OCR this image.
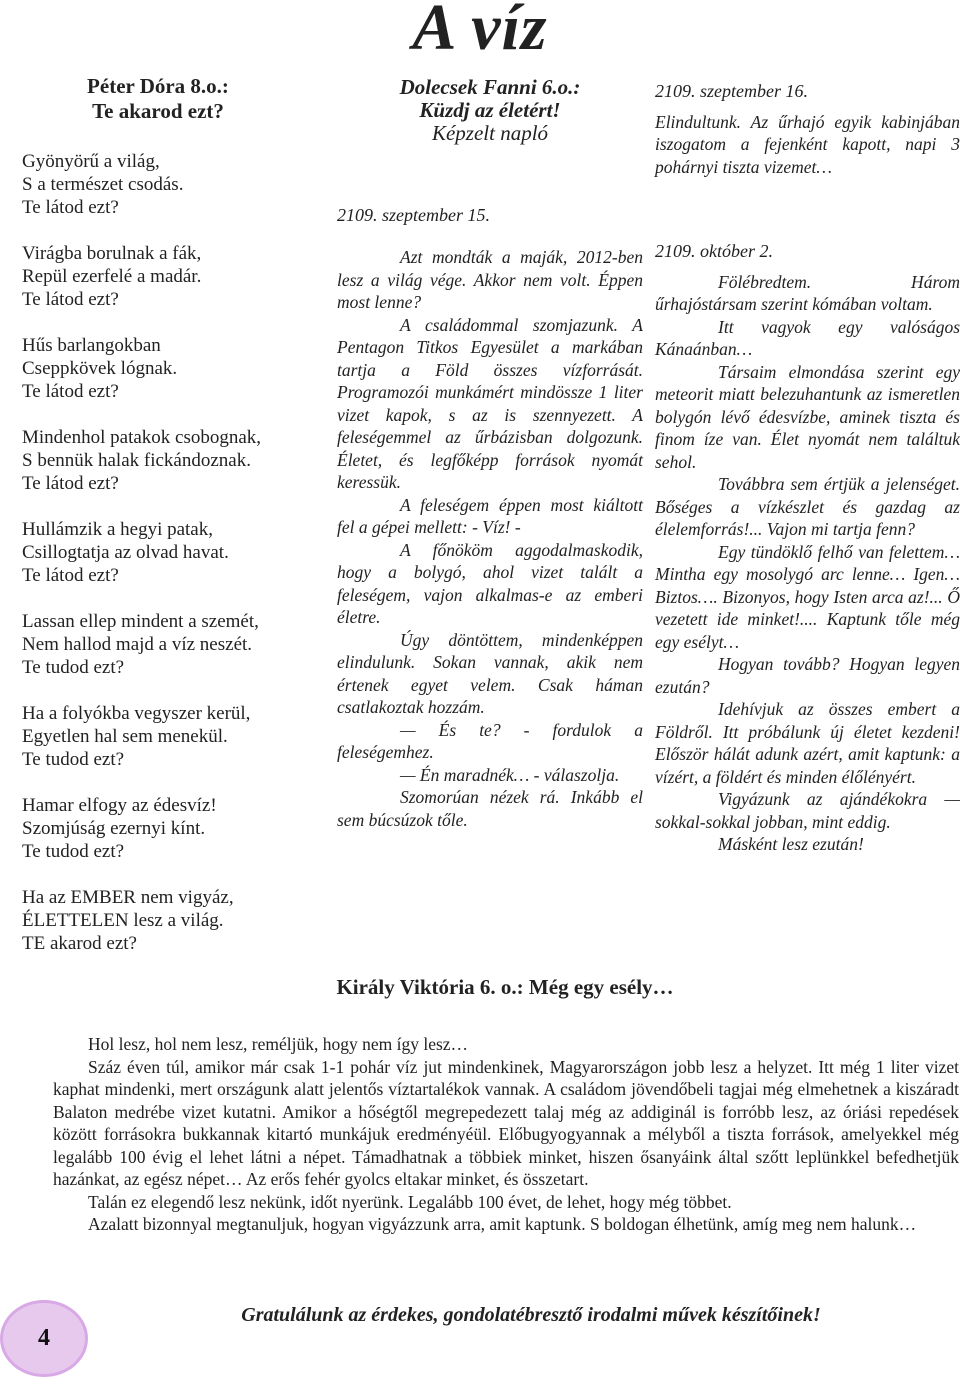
A víz
Péter Dóra 8.o.:
Te akarod ezt?
Gyönyörű a világ,
S a természet csodás.
Te látod ezt?
Virágba borulnak a fák,
Repül ezerfelé a madár.
Te látod ezt?
Hűs barlangokban
Cseppkövek lógnak.
Te látod ezt?
Mindenhol patakok csobognak,
S bennük halak fickándoznak.
Te látod ezt?
Hullámzik a hegyi patak,
Csillogtatja az olvad havat.
Te látod ezt?
Lassan ellep mindent a szemét,
Nem hallod majd a víz neszét.
Te tudod ezt?
Ha a folyókba vegyszer kerül,
Egyetlen hal sem menekül.
Te tudod ezt?
Hamar elfogy az édesvíz!
Szomjúság ezernyi kínt.
Te tudod ezt?
Ha az EMBER nem vigyáz,
ÉLETTELEN lesz a világ.
TE akarod ezt?
Dolecsek Fanni 6.o.:
Küzdj az életért!
Képzelt napló
2109. szeptember 15.

Azt mondták a maják, 2012-ben lesz a világ vége. Akkor nem volt. Éppen most lenne?

A családommal szomjazunk. A Pentagon Titkos Egyesület a markában tartja a Föld összes vízforrását. Programozói munkámért mindössze 1 liter vizet kapok, s az is szennyezett. A feleségemmel az űrbázisban dolgozunk. Életet, és legfőképp források nyomát keressük.

A feleségem éppen most kiáltott fel a gépei mellett: - Víz! -

A főnököm aggodalmaskodik, hogy a bolygó, ahol vizet talált a feleségem, vajon alkalmas-e az emberi életre.

Úgy döntöttem, mindenképpen elindulunk. Sokan vannak, akik nem értenek egyet velem. Csak háman csatlakoztak hozzám.

— És te? - fordulok a feleségemhez.

— Én maradnék… - válaszolja.

Szomorúan nézek rá. Inkább el sem búcsúzok tőle.

2109. szeptember 16.

Elindultunk. Az űrhajó egyik kabinjában iszogatom a fejenként kapott, napi 3 pohárnyi tiszta vizemet…

2109. október 2.

Fölébredtem. Három űrhajóstársam szerint kómában voltam.

Itt vagyok egy valóságos Kánaánban…

Társaim elmondása szerint egy meteorit miatt belezuhantunk az ismeretlen bolygón lévő édesvízbe, aminek tiszta és finom íze van. Élet nyomát nem találtuk sehol.

Továbbra sem értjük a jelenséget. Bőséges a vízkészlet és gazdag az élelemforrás!... Vajon mi tartja fenn?

Egy tündöklő felhő van felettem… Mintha egy mosolygó arc lenne… Igen… Biztos…. Bizonyos, hogy Isten arca az!... Ő vezetett ide minket!.... Kaptunk tőle még egy esélyt…

Hogyan tovább? Hogyan legyen ezután?

Idehívjuk az összes embert a Földről. Itt próbálunk új életet kezdeni! Először hálát adunk azért, amit kaptunk: a vízért, a földért és minden élőlényért.

Vigyázunk az ajándékokra — sokkal-sokkal jobban, mint eddig.

Másként lesz ezután!

Király Viktória 6. o.: Még egy esély…

Hol lesz, hol nem lesz, reméljük, hogy nem így lesz…

Száz éven túl, amikor már csak 1-1 pohár víz jut mindenkinek, Magyarországon jobb lesz a helyzet. Itt még 1 liter vizet kaphat mindenki, mert országunk alatt jelentős víztartalékok vannak. A családom jövendőbeli tagjai még elmehetnek a kiszáradt Balaton medrébe vizet kutatni. Amikor a hőségtől megrepedezett talaj még az addiginál is forróbb lesz, az óriási repedések között forrásokra bukkannak kitartó munkájuk eredményéül. Előbugyogyannak a mélyből a tiszta források, amelyekkel még legalább 100 évig el lehet látni a népet. Támadhatnak a többiek minket, hiszen ősanyáink által szőtt leplünkkel befedhetjük hazánkat, az egész népet… Az erős fehér gyolcs eltakar minket, és összetart.

Talán ez elegendő lesz nekünk, időt nyerünk. Legalább 100 évet, de lehet, hogy még többet.

Azalatt bizonnyal megtanuljuk, hogyan vigyázzunk arra, amit kaptunk. S boldogan élhetünk, amíg meg nem halunk…

Gratulálunk az érdekes, gondolatébresztő irodalmi művek készítőinek!
4
